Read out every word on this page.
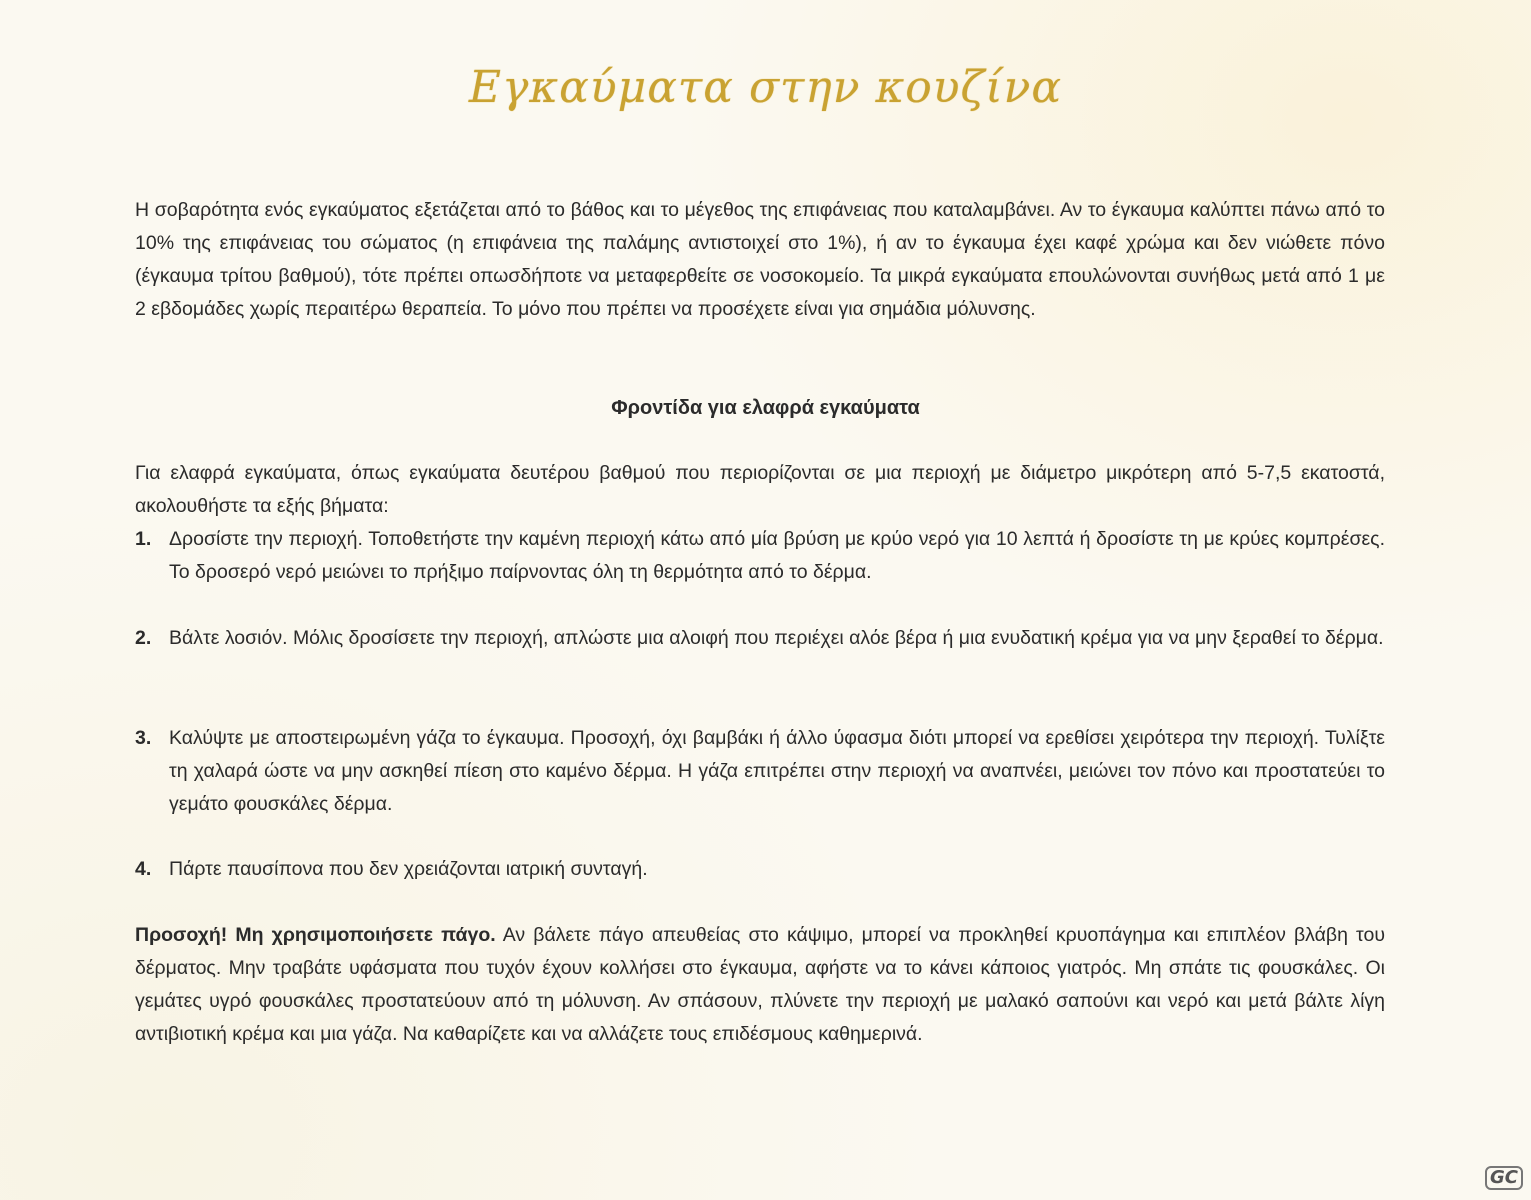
Εγκαύματα στην κουζίνα
Η σοβαρότητα ενός εγκαύματος εξετάζεται από το βάθος και το μέγεθος της επιφάνειας που καταλαμβάνει. Αν το έγκαυμα καλύπτει πάνω από το 10% της επιφάνειας του σώματος (η επιφάνεια της παλάμης αντιστοιχεί στο 1%), ή αν το έγκαυμα έχει καφέ χρώμα και δεν νιώθετε πόνο (έγκαυμα τρίτου βαθμού), τότε πρέπει οπωσδήποτε να μεταφερθείτε σε νοσοκομείο. Τα μικρά εγκαύματα επουλώνονται συνήθως μετά από 1 με 2 εβδομάδες χωρίς περαιτέρω θεραπεία. Το μόνο που πρέπει να προσέχετε είναι για σημάδια μόλυνσης.
Φροντίδα για ελαφρά εγκαύματα
Για ελαφρά εγκαύματα, όπως εγκαύματα δευτέρου βαθμού που περιορίζονται σε μια περιοχή με διάμετρο μικρότερη από 5-7,5 εκατοστά, ακολουθήστε τα εξής βήματα:
1. Δροσίστε την περιοχή. Τοποθετήστε την καμένη περιοχή κάτω από μία βρύση με κρύο νερό για 10 λεπτά ή δροσίστε τη με κρύες κομπρέσες. Το δροσερό νερό μειώνει το πρήξιμο παίρνοντας όλη τη θερμότητα από το δέρμα.
2. Βάλτε λοσιόν. Μόλις δροσίσετε την περιοχή, απλώστε μια αλοιφή που περιέχει αλόε βέρα ή μια ενυδατική κρέμα για να μην ξεραθεί το δέρμα.
3. Καλύψτε με αποστειρωμένη γάζα το έγκαυμα. Προσοχή, όχι βαμβάκι ή άλλο ύφασμα διότι μπορεί να ερεθίσει χειρότερα την περιοχή. Τυλίξτε τη χαλαρά ώστε να μην ασκηθεί πίεση στο καμένο δέρμα. Η γάζα επιτρέπει στην περιοχή να αναπνέει, μειώνει τον πόνο και προστατεύει το γεμάτο φουσκάλες δέρμα.
4. Πάρτε παυσίπονα που δεν χρειάζονται ιατρική συνταγή.
Προσοχή! Μη χρησιμοποιήσετε πάγο. Αν βάλετε πάγο απευθείας στο κάψιμο, μπορεί να προκληθεί κρυοπάγημα και επιπλέον βλάβη του δέρματος. Μην τραβάτε υφάσματα που τυχόν έχουν κολλήσει στο έγκαυμα, αφήστε να το κάνει κάποιος γιατρός. Μη σπάτε τις φουσκάλες. Οι γεμάτες υγρό φουσκάλες προστατεύουν από τη μόλυνση. Αν σπάσουν, πλύνετε την περιοχή με μαλακό σαπούνι και νερό και μετά βάλτε λίγη αντιβιοτική κρέμα και μια γάζα. Να καθαρίζετε και να αλλάζετε τους επιδέσμους καθημερινά.
GC
